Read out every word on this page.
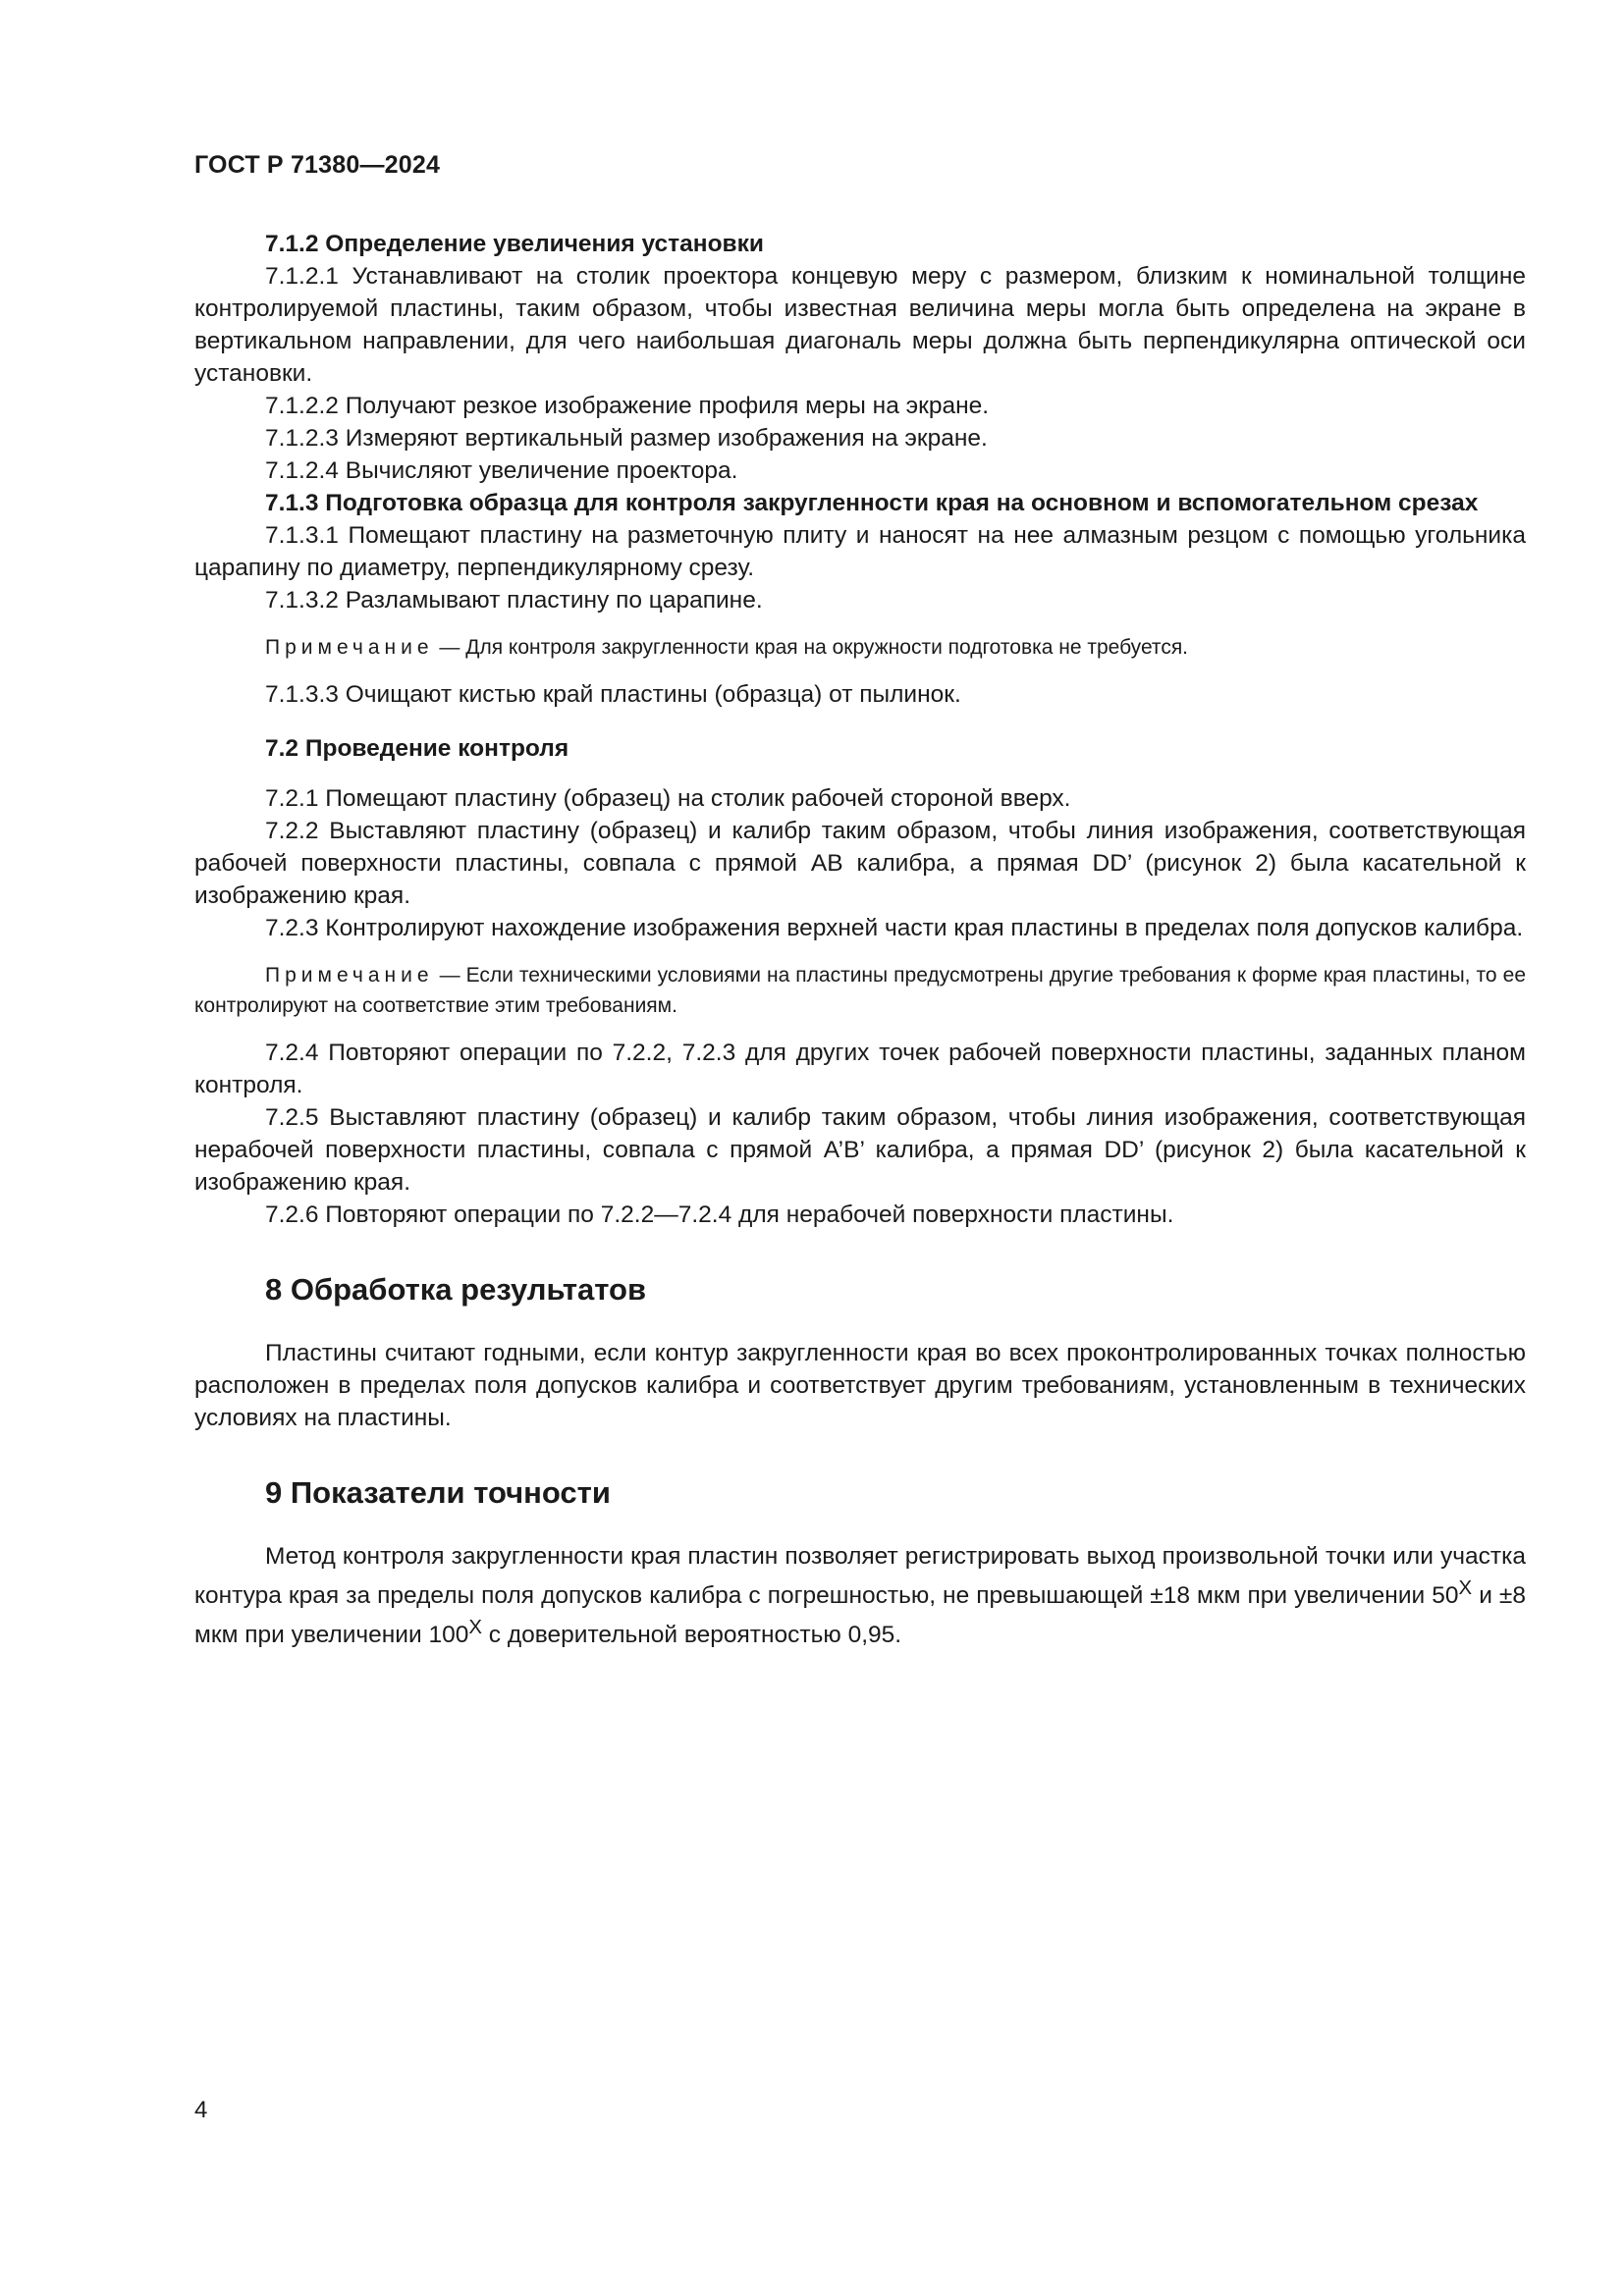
ГОСТ Р 71380—2024

7.1.2 Определение увеличения установки

7.1.2.1 Устанавливают на столик проектора концевую меру с размером, близким к номинальной толщине контролируемой пластины, таким образом, чтобы известная величина меры могла быть определена на экране в вертикальном направлении, для чего наибольшая диагональ меры должна быть перпендикулярна оптической оси установки.

7.1.2.2 Получают резкое изображение профиля меры на экране.

7.1.2.3 Измеряют вертикальный размер изображения на экране.

7.1.2.4 Вычисляют увеличение проектора.

7.1.3 Подготовка образца для контроля закругленности края на основном и вспомогательном срезах

7.1.3.1 Помещают пластину на разметочную плиту и наносят на нее алмазным резцом с помощью угольника царапину по диаметру, перпендикулярному срезу.

7.1.3.2 Разламывают пластину по царапине.

Примечание — Для контроля закругленности края на окружности подготовка не требуется.

7.1.3.3 Очищают кистью край пластины (образца) от пылинок.

7.2 Проведение контроля

7.2.1 Помещают пластину (образец) на столик рабочей стороной вверх.

7.2.2 Выставляют пластину (образец) и калибр таким образом, чтобы линия изображения, соответствующая рабочей поверхности пластины, совпала с прямой АВ калибра, а прямая DD’ (рисунок 2) была касательной к изображению края.

7.2.3 Контролируют нахождение изображения верхней части края пластины в пределах поля допусков калибра.

Примечание — Если техническими условиями на пластины предусмотрены другие требования к форме края пластины, то ее контролируют на соответствие этим требованиям.

7.2.4 Повторяют операции по 7.2.2, 7.2.3 для других точек рабочей поверхности пластины, заданных планом контроля.

7.2.5 Выставляют пластину (образец) и калибр таким образом, чтобы линия изображения, соответствующая нерабочей поверхности пластины, совпала с прямой А’В’ калибра, а прямая DD’ (рисунок 2) была касательной к изображению края.

7.2.6 Повторяют операции по 7.2.2—7.2.4 для нерабочей поверхности пластины.

8 Обработка результатов

Пластины считают годными, если контур закругленности края во всех проконтролированных точках полностью расположен в пределах поля допусков калибра и соответствует другим требованиям, установленным в технических условиях на пластины.

9 Показатели точности

Метод контроля закругленности края пластин позволяет регистрировать выход произвольной точки или участка контура края за пределы поля допусков калибра с погрешностью, не превышающей ±18 мкм при увеличении $50^X$ и ±8 мкм при увеличении $100^X$ с доверительной вероятностью 0,95.

4
